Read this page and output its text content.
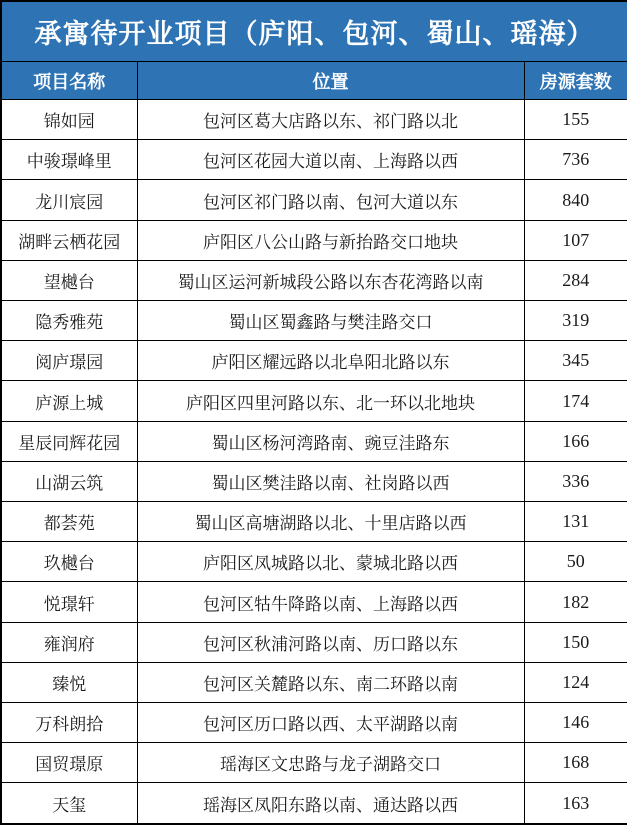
承寓待开业项目（庐阳、包河、蜀山、瑶海）		
项目名称	位置	房源套数
锦如园	包河区葛大店路以东、祁门路以北	155
中骏璟峰里	包河区花园大道以南、上海路以西	736
龙川宸园	包河区祁门路以南、包河大道以东	840
湖畔云栖花园	庐阳区八公山路与新抬路交口地块	107
望樾台	蜀山区运河新城段公路以东杏花湾路以南	284
隐秀雅苑	蜀山区蜀鑫路与樊洼路交口	319
阅庐璟园	庐阳区耀远路以北阜阳北路以东	345
庐源上城	庐阳区四里河路以东、北一环以北地块	174
星辰同辉花园	蜀山区杨河湾路南、豌豆洼路东	166
山湖云筑	蜀山区樊洼路以南、社岗路以西	336
都荟苑	蜀山区高塘湖路以北、十里店路以西	131
玖樾台	庐阳区凤城路以北、蒙城北路以西	50
悦璟轩	包河区牯牛降路以南、上海路以西	182
雍润府	包河区秋浦河路以南、历口路以东	150
臻悦	包河区关麓路以东、南二环路以南	124
万科朗拾	包河区历口路以西、太平湖路以南	146
国贸璟原	瑶海区文忠路与龙子湖路交口	168
天玺	瑶海区凤阳东路以南、通达路以西	163
